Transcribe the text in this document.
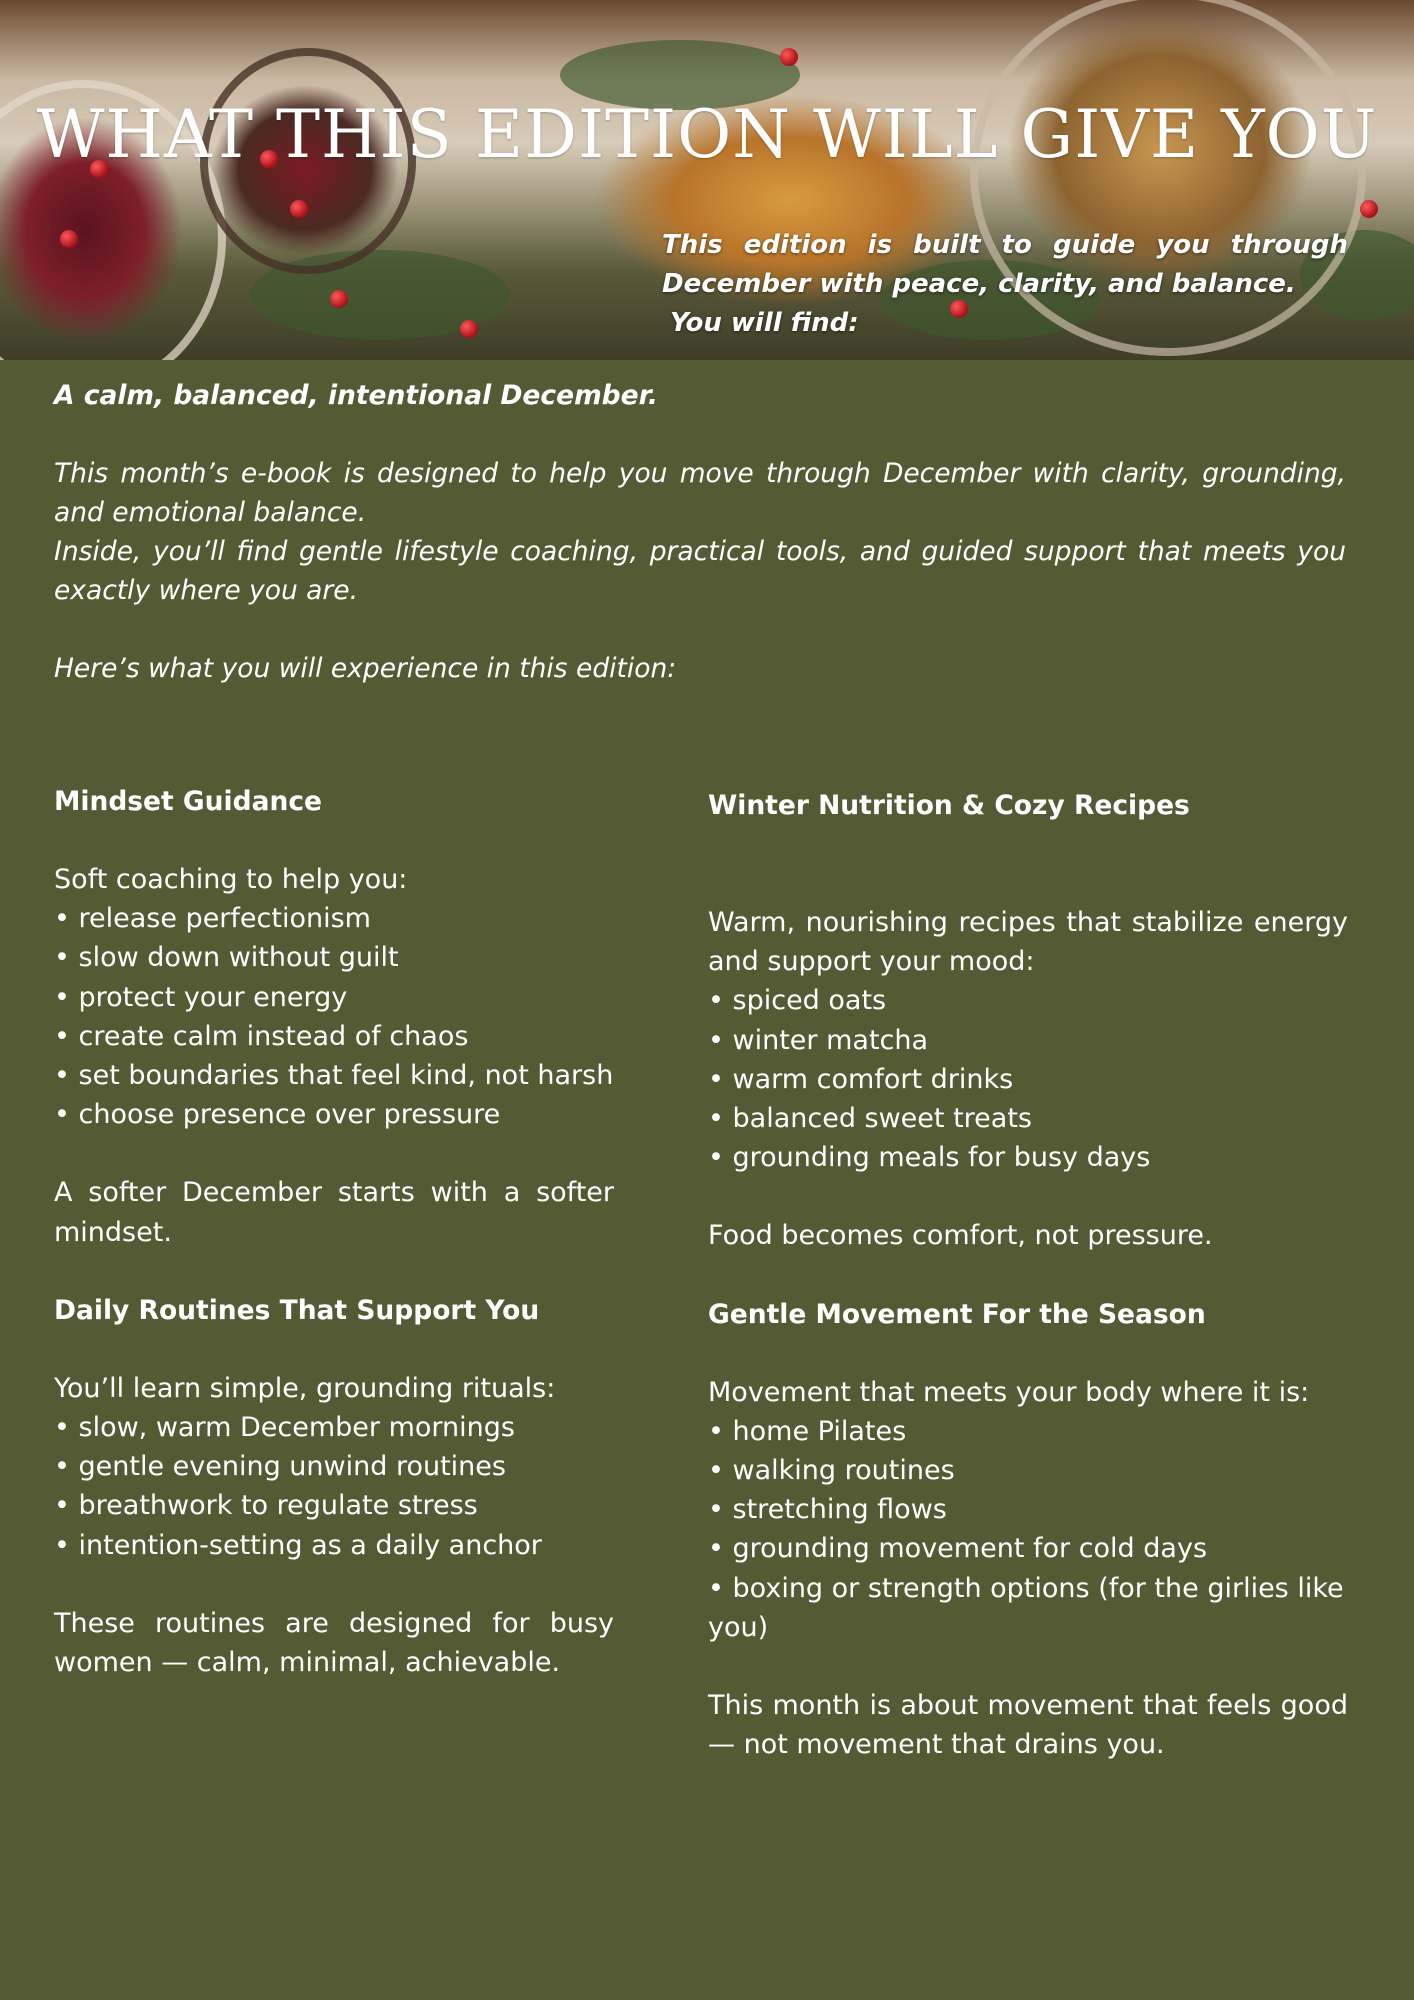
WHAT THIS EDITION WILL GIVE YOU

This edition is built to guide you through
December with peace, clarity, and balance.
You will find:

A calm, balanced, intentional December.

This month’s e-book is designed to help you move through December with clarity, grounding, and emotional balance.

Inside, you’ll find gentle lifestyle coaching, practical tools, and guided support that meets you exactly where you are.

Here’s what you will experience in this edition:

Mindset Guidance

Soft coaching to help you:

• release perfectionism
• slow down without guilt
• protect your energy
• create calm instead of chaos
• set boundaries that feel kind, not harsh
• choose presence over pressure

A softer December starts with a softer mindset.

Daily Routines That Support You

You’ll learn simple, grounding rituals:

• slow, warm December mornings
• gentle evening unwind routines
• breathwork to regulate stress
• intention-setting as a daily anchor

These routines are designed for busy women — calm, minimal, achievable.

Winter Nutrition & Cozy Recipes

Warm, nourishing recipes that stabilize energy and support your mood:

• spiced oats
• winter matcha
• warm comfort drinks
• balanced sweet treats
• grounding meals for busy days

Food becomes comfort, not pressure.

Gentle Movement For the Season

Movement that meets your body where it is:

• home Pilates
• walking routines
• stretching flows
• grounding movement for cold days
• boxing or strength options (for the girlies like you)

This month is about movement that feels good — not movement that drains you.
